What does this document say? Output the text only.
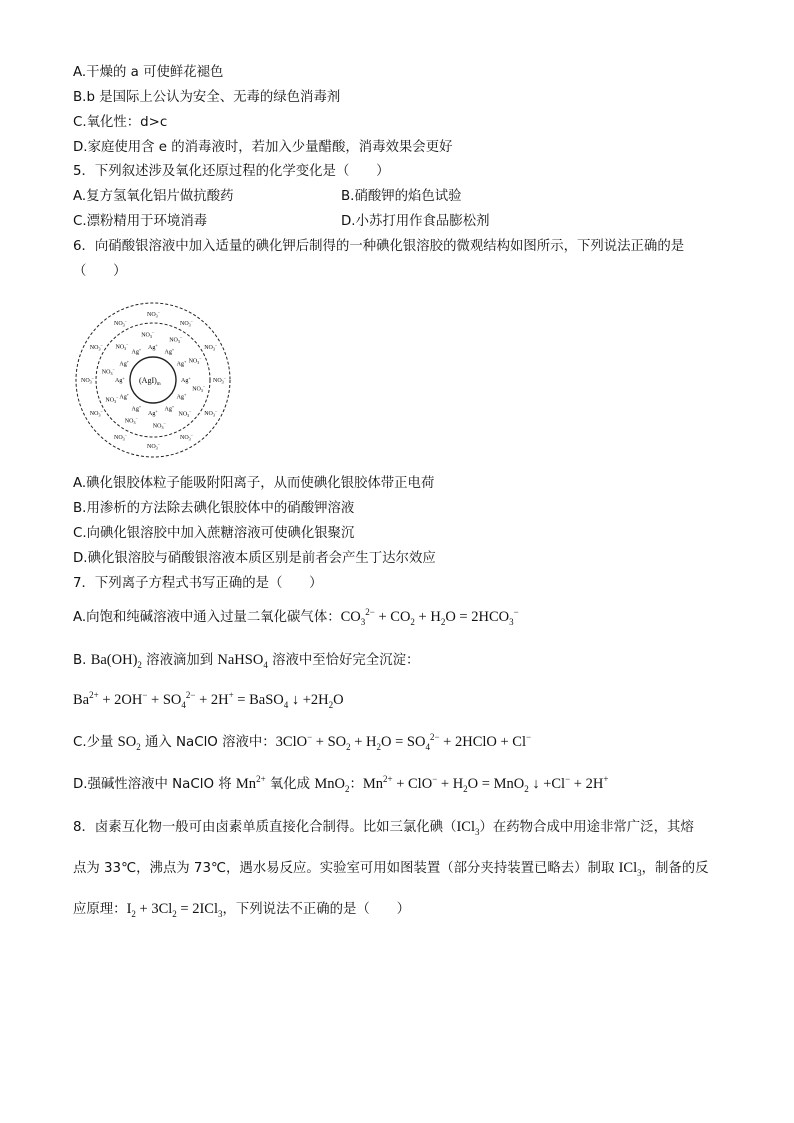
A.干燥的 a 可使鲜花褪色
B.b 是国际上公认为安全、无毒的绿色消毒剂
C.氧化性：d>c
D.家庭使用含 e 的消毒液时，若加入少量醋酸，消毒效果会更好
5．下列叙述涉及氧化还原过程的化学变化是（　　）
A.复方氢氧化铝片做抗酸药	B.硝酸钾的焰色试验
C.漂粉精用于环境消毒	D.小苏打用作食品膨松剂
6．向硝酸银溶液中加入适量的碘化钾后制得的一种碘化银溶胶的微观结构如图所示，下列说法正确的是
（　　）
$(AgI)_m$
Ag+
Ag+
Ag+
Ag+
Ag+
Ag+
Ag+
Ag+
Ag+ Ag+
Ag+
Ag+
$NO_3^-$
$NO_3^-$
$NO_3^-$
$NO_3^-$
$NO_3^-$
$NO_3^-$
$NO_3^-$
$NO_3^-$
$NO_3^-$
$NO_3^-$
$NO_3^-$
$NO_3^-$
$NO_3^-$
$NO_3^-$
$NO_3^-$
$NO_3^-$
$NO_3^-$
$NO_3^-$
$NO_3^-$
$NO_3^-$
$NO_3^-$
$NO_3^-$
A.碘化银胶体粒子能吸附阳离子，从而使碘化银胶体带正电荷
B.用渗析的方法除去碘化银胶体中的硝酸钾溶液
C.向碘化银溶胶中加入蔗糖溶液可使碘化银聚沉
D.碘化银溶胶与硝酸银溶液本质区别是前者会产生丁达尔效应
7．下列离子方程式书写正确的是（　　）
A.向饱和纯碱溶液中通入过量二氧化碳气体：$CO_3^{2-} + CO_2 + H_2O = 2HCO_3^-$
B. $Ba(OH)_2$ 溶液滴加到 NaHSO$_4$ 溶液中至恰好完全沉淀：
$Ba^{2+} + 2OH^- + SO_4^{2-} + 2H^+$ = BaSO$_4$ ↓ $+2H_2O$
C.少量 $SO_2$ 通入 NaClO 溶液中：$3ClO^- + SO_2 + H_2O = SO_4^{2-}$ + 2HClO + Cl−
D.强碱性溶液中 NaClO 将 $Mn^{2+}$ 氧化成 MnO$_2$：$Mn^{2+} + ClO^- + H_2O = MnO_2$ ↓ +Cl− + 2H+
8．卤素互化物一般可由卤素单质直接化合制得。比如三氯化碘（ICl$_3$）在药物合成中用途非常广泛，其熔
点为 33℃，沸点为 73℃，遇水易反应。实验室可用如图装置（部分夹持装置已略去）制取 ICl$_3$，制备的反
应原理：$I_2 + 3Cl_2 = 2ICl_3$，下列说法不正确的是（　　）
